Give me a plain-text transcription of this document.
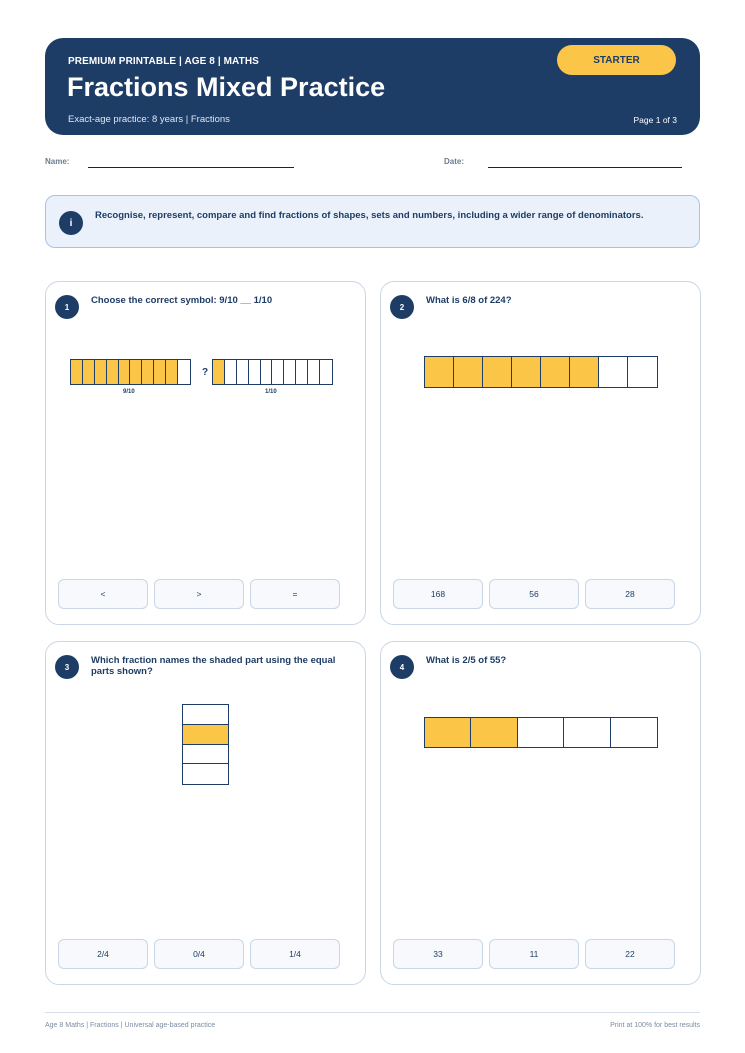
PREMIUM PRINTABLE | AGE 8 | MATHS
Fractions Mixed Practice
Exact-age practice: 8 years | Fractions	Page 1 of 3
STARTER
Name:	Date:
i
Recognise, represent, compare and find fractions of shapes, sets and numbers, including a wider range of denominators.
1
Choose the correct symbol: 9/10 __ 1/10
9/10
?
1/10
<	>	=
2
What is 6/8 of 224?
168	56	28
3
Which fraction names the shaded part using the equal parts shown?
2/4	0/4	1/4
4
What is 2/5 of 55?
33	11	22
Age 8 Maths | Fractions | Universal age-based practice	Print at 100% for best results
